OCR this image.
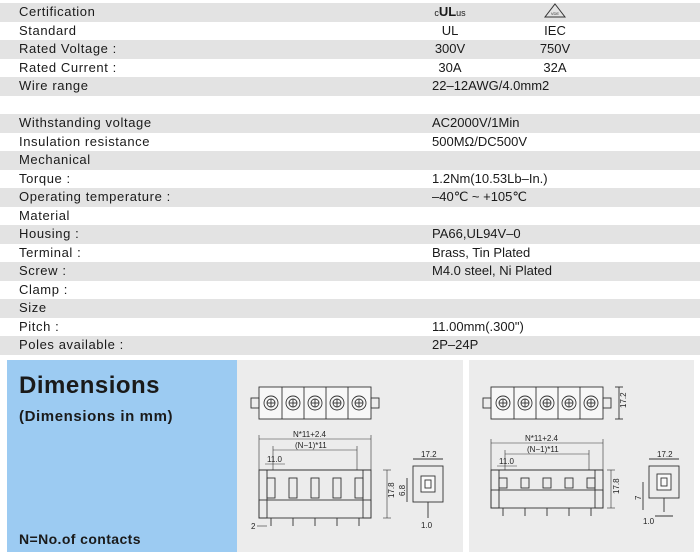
Certification	cULus	VDE
Standard	UL	IEC
Rated Voltage :	300V	750V
Rated Current :	30A	32A
Wire range	22–12AWG/4.0mm2
Withstanding voltage	AC2000V/1Min
Insulation resistance	500MΩ/DC500V
Mechanical
Torque :	1.2Nm(10.53Lb–In.)
Operating temperature :	–40℃ ~ +105℃
Material
Housing :	PA66,UL94V–0
Terminal :	Brass, Tin Plated
Screw :	M4.0 steel, Ni Plated
Clamp :
Size
Pitch :	11.00mm(.300")
Poles available :	2P–24P
Dimensions
(Dimensions in mm)
N=No.of contacts
N*11+2.4
(N−1)*11
11.0
17.8
2
17.2
6.8
1.0
17.2
N*11+2.4
(N−1)*11
11.0
17.8
17.2
7
1.0
